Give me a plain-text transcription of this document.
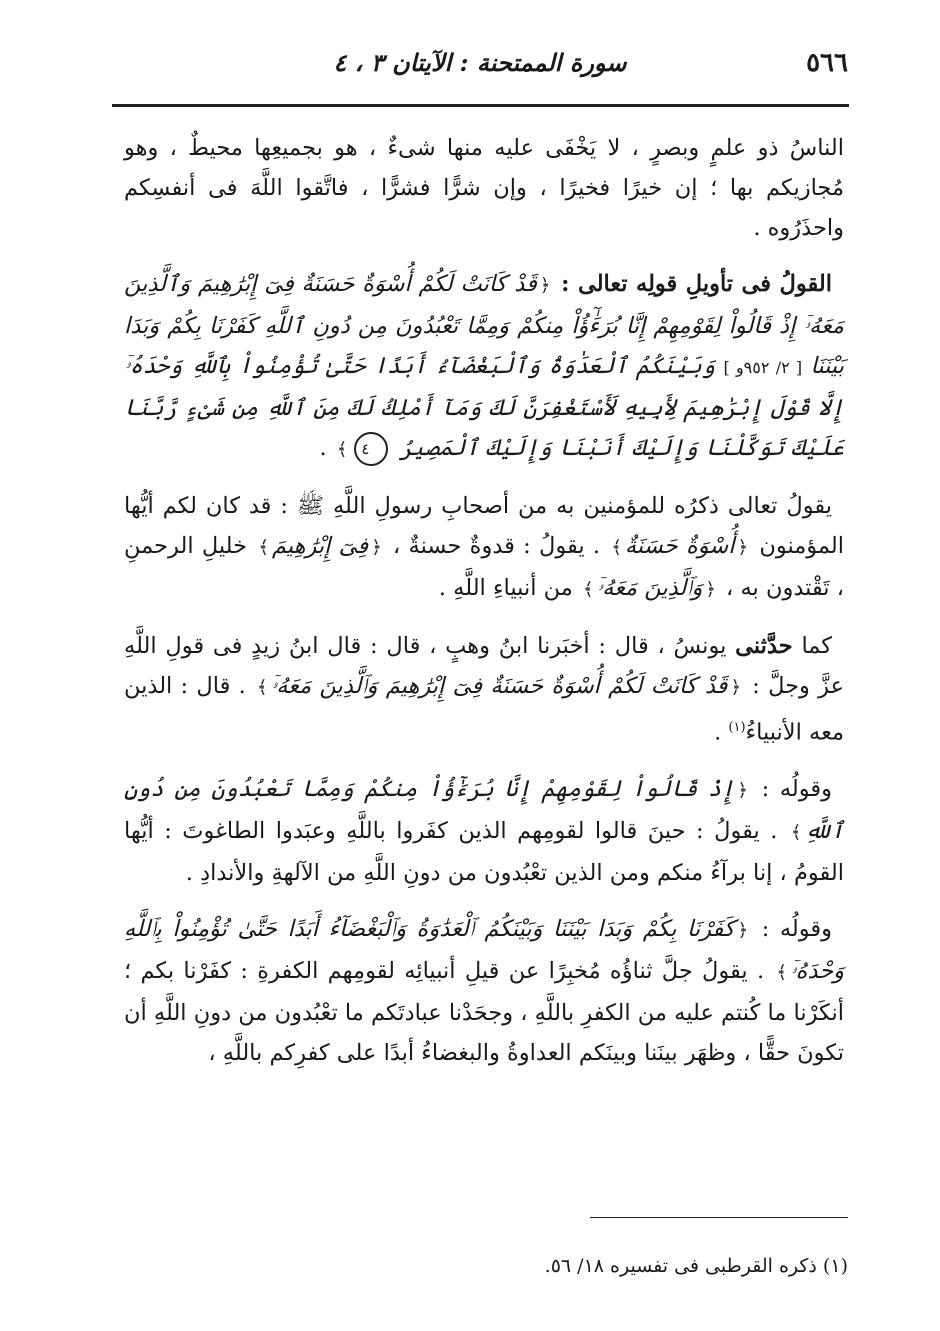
٥٦٦
سورة الممتحنة : الآيتان ٣ ، ٤

الناسُ ذو علمٍ وبصرٍ ، لا يَخْفَى عليه منها شىءٌ ، هو بجميعِها محيطٌ ، وهو مُجازيكم بها ؛ إن خيرًا فخيرًا ، وإن شرًّا فشرًّا ، فاتَّقوا اللَّهَ فى أنفسِكم واحذَرُوه .

القولُ فى تأويلِ قولِه تعالى : ﴿قَدْ كَانَتْ لَكُمْ أُسْوَةٌ حَسَنَةٌ فِىٓ إِبْرَٰهِيمَ وَٱلَّذِينَ مَعَهُۥٓ إِذْ قَالُواْ لِقَوْمِهِمْ إِنَّا بُرَءَٰٓؤُاْ مِنكُمْ وَمِمَّا تَعْبُدُونَ مِن دُونِ ٱللَّهِ كَفَرْنَا بِكُمْ وَبَدَا بَيْنَنَا [ ٢/ ٩٥٢و ] وَبَيْنَكُمُ ٱلْعَدَٰوَةُ وَٱلْبَغْضَآءُ أَبَدًا حَتَّىٰ تُؤْمِنُواْ بِٱللَّهِ وَحْدَهُۥٓ إِلَّا قَوْلَ إِبْرَٰهِيمَ لِأَبِيهِ لَأَسْتَغْفِرَنَّ لَكَ وَمَآ أَمْلِكُ لَكَ مِنَ ٱللَّهِ مِن شَىْءٍ رَّبَّنَا عَلَيْكَ تَوَكَّلْنَا وَإِلَيْكَ أَنَبْنَا وَإِلَيْكَ ٱلْمَصِيرُ ٤﴾ .

يقولُ تعالى ذكرُه للمؤمنين به من أصحابِ رسولِ اللَّهِ ﷺ : قد كان لكم أيُّها المؤمنون ﴿أُسْوَةٌ حَسَنَةٌ﴾ . يقولُ : قدوةٌ حسنةٌ ، ﴿فِىٓ إِبْرَٰهِيمَ﴾ خليلِ الرحمنِ ، تَقْتدون به ، ﴿وَٱلَّذِينَ مَعَهُۥٓ﴾ من أنبياءِ اللَّهِ .

كما حدَّثنى يونسُ ، قال : أخبَرنا ابنُ وهبٍ ، قال : قال ابنُ زيدٍ فى قولِ اللَّهِ عزَّ وجلَّ : ﴿قَدْ كَانَتْ لَكُمْ أُسْوَةٌ حَسَنَةٌ فِىٓ إِبْرَٰهِيمَ وَٱلَّذِينَ مَعَهُۥٓ﴾ . قال : الذين معه الأنبياءُ$^{(١)}$ .

وقولُه : ﴿إِذْ قَالُواْ لِقَوْمِهِمْ إِنَّا بُرَءَٰٓؤُاْ مِنكُمْ وَمِمَّا تَعْبُدُونَ مِن دُونِ ٱللَّهِ﴾ . يقولُ : حينَ قالوا لقومِهم الذين كفَروا باللَّهِ وعبَدوا الطاغوتَ : أيُّها القومُ ، إنا برآءُ منكم ومن الذين تعْبُدون من دونِ اللَّهِ من الآلهةِ والأندادِ .

وقولُه : ﴿كَفَرْنَا بِكُمْ وَبَدَا بَيْنَنَا وَبَيْنَكُمُ ٱلْعَدَٰوَةُ وَٱلْبَغْضَآءُ أَبَدًا حَتَّىٰ تُؤْمِنُواْ بِٱللَّهِ وَحْدَهُۥٓ﴾ . يقولُ جلَّ ثناؤُه مُخبِرًا عن قيلِ أنبيائِه لقومِهم الكفرةِ : كفَرْنا بكم ؛ أنكَرْنا ما كُنتم عليه من الكفرِ باللَّهِ ، وجحَدْنا عبادتَكم ما تعْبُدون من دونِ اللَّهِ أن تكونَ حقًّا ، وظهَر بينَنا وبينَكم العداوةُ والبغضاءُ أبدًا على كفرِكم باللَّهِ ،

(١) ذكره القرطبى فى تفسيره ١٨/ ٥٦.
